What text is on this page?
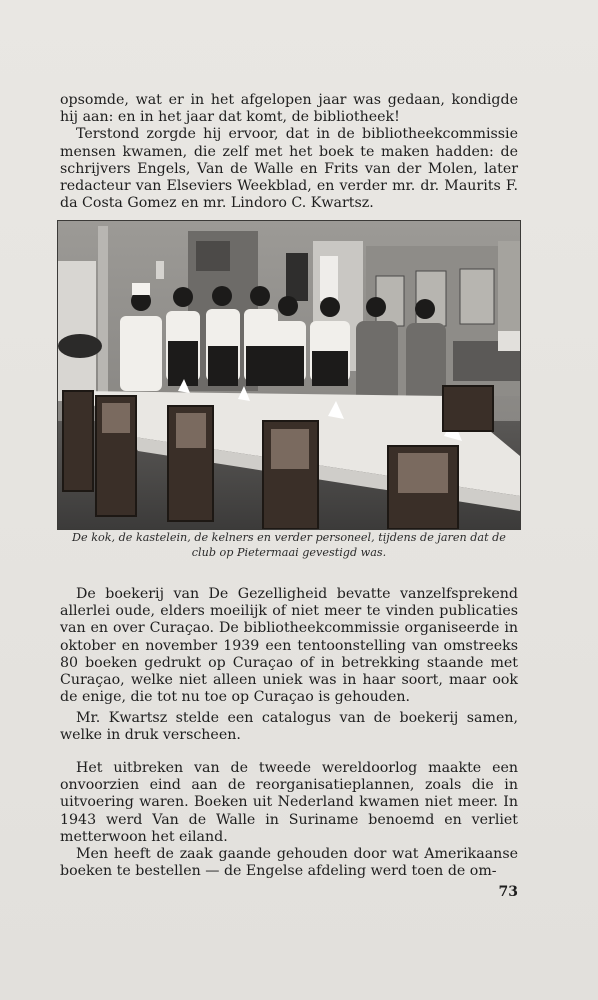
opsomde, wat er in het afgelopen jaar was gedaan, kondigde hij aan: en in het jaar dat komt, de bibliotheek!

Terstond zorgde hij ervoor, dat in de bibliotheekcommissie mensen kwamen, die zelf met het boek te maken hadden: de schrijvers Engels, Van de Walle en Frits van der Molen, later redacteur van Elseviers Weekblad, en verder mr. dr. Maurits F. da Costa Gomez en mr. Lindoro C. Kwartsz.

De kok, de kastelein, de kelners en verder personeel, tijdens de jaren dat de club op Pietermaai gevestigd was.

De boekerij van De Gezelligheid bevatte vanzelfsprekend allerlei oude, elders moeilijk of niet meer te vinden publicaties van en over Curaçao. De bibliotheekcommissie organiseerde in oktober en november 1939 een tentoonstelling van omstreeks 80 boeken gedrukt op Curaçao of in betrekking staande met Curaçao, welke niet alleen uniek was in haar soort, maar ook de enige, die tot nu toe op Curaçao is gehouden.

Mr. Kwartsz stelde een catalogus van de boekerij samen, welke in druk verscheen.

Het uitbreken van de tweede wereldoorlog maakte een onvoorzien eind aan de reorganisatieplannen, zoals die in uitvoering waren. Boeken uit Nederland kwamen niet meer. In 1943 werd Van de Walle in Suriname benoemd en verliet metterwoon het eiland.

Men heeft de zaak gaande gehouden door wat Amerikaanse boeken te bestellen — de Engelse afdeling werd toen de om-

73
